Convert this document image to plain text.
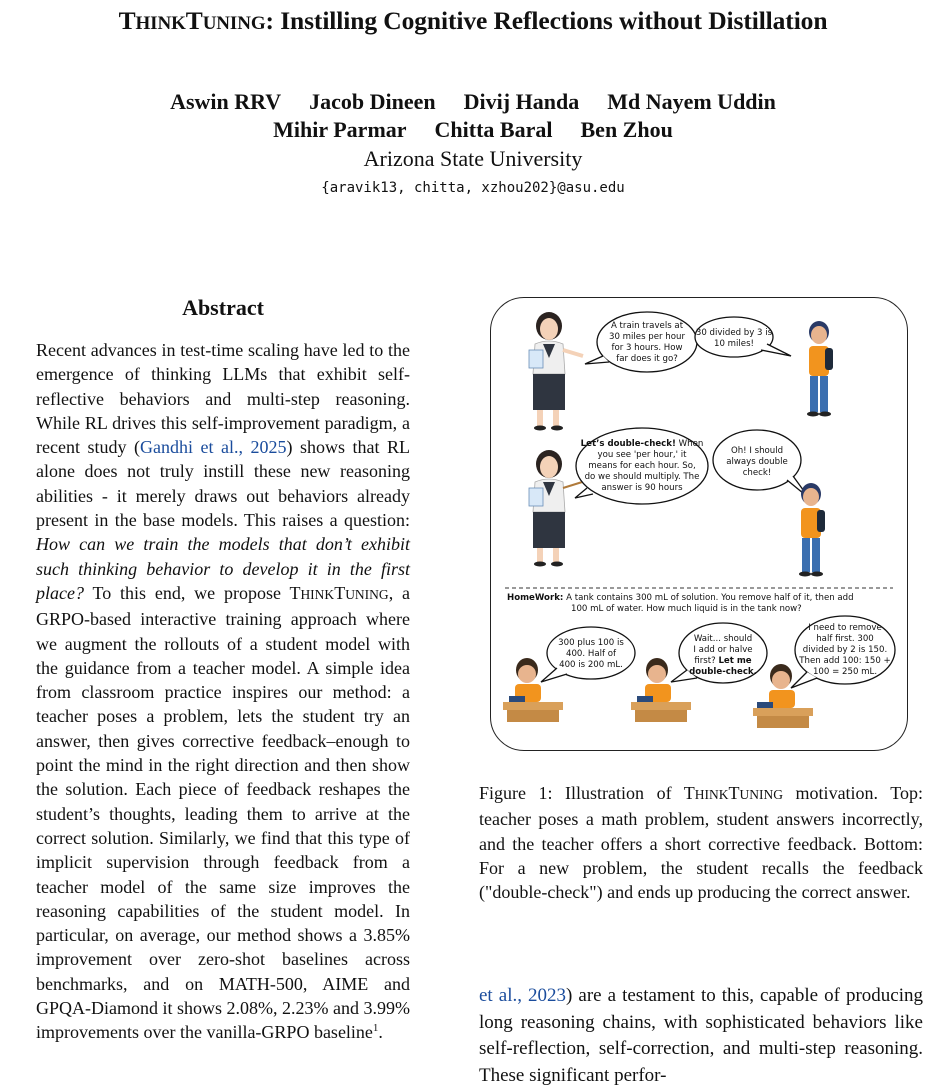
THINKTUNING: Instilling Cognitive Reflections without Distillation
Aswin RRV Jacob Dineen Divij Handa Md Nayem Uddin
Mihir Parmar Chitta Baral Ben Zhou
Arizona State University
{aravik13, chitta, xzhou202}@asu.edu
Abstract
Recent advances in test-time scaling have led to the emergence of thinking LLMs that exhibit self-reflective behaviors and multi-step reasoning. While RL drives this self-improvement paradigm, a recent study (Gandhi et al., 2025) shows that RL alone does not truly instill these new reasoning abilities - it merely draws out behaviors already present in the base models. This raises a question: How can we train the models that don’t exhibit such thinking behavior to develop it in the first place? To this end, we propose THINKTUNING, a GRPO-based interactive training approach where we augment the rollouts of a student model with the guidance from a teacher model. A simple idea from classroom practice inspires our method: a teacher poses a problem, lets the student try an answer, then gives corrective feedback–enough to point the mind in the right direction and then show the solution. Each piece of feedback reshapes the student’s thoughts, leading them to arrive at the correct solution. Similarly, we find that this type of implicit supervision through feedback from a teacher model of the same size improves the reasoning capabilities of the student model. In particular, on average, our method shows a 3.85% improvement over zero-shot baselines across benchmarks, and on MATH-500, AIME and GPQA-Diamond it shows 2.08%, 2.23% and 3.99% improvements over the vanilla-GRPO baseline$^1$.
A train travels at
30 miles per hour
for 3 hours. How
far does it go?
30 divided by 3 is
10 miles!
Let’s double-check! When
you see 'per hour,' it
means for each hour. So,
do we should multiply. The
answer is 90 hours
Oh! I should
always double
check!
HomeWork: A tank contains 300 mL of solution. You remove half of it, then add
100 mL of water. How much liquid is in the tank now?
300 plus 100 is
400. Half of
400 is 200 mL.
Wait... should
I add or halve
first? Let me
double-check.
I need to remove
half first. 300
divided by 2 is 150.
Then add 100: 150 +
100 = 250 mL.
Figure 1: Illustration of THINKTUNING motivation. Top: teacher poses a math problem, student answers incorrectly, and the teacher offers a short corrective feedback. Bottom: For a new problem, the student recalls the feedback ("double-check") and ends up producing the correct answer.
et al., 2023) are a testament to this, capable of producing long reasoning chains, with sophisticated behaviors like self-reflection, self-correction, and multi-step reasoning. These significant perfor-
